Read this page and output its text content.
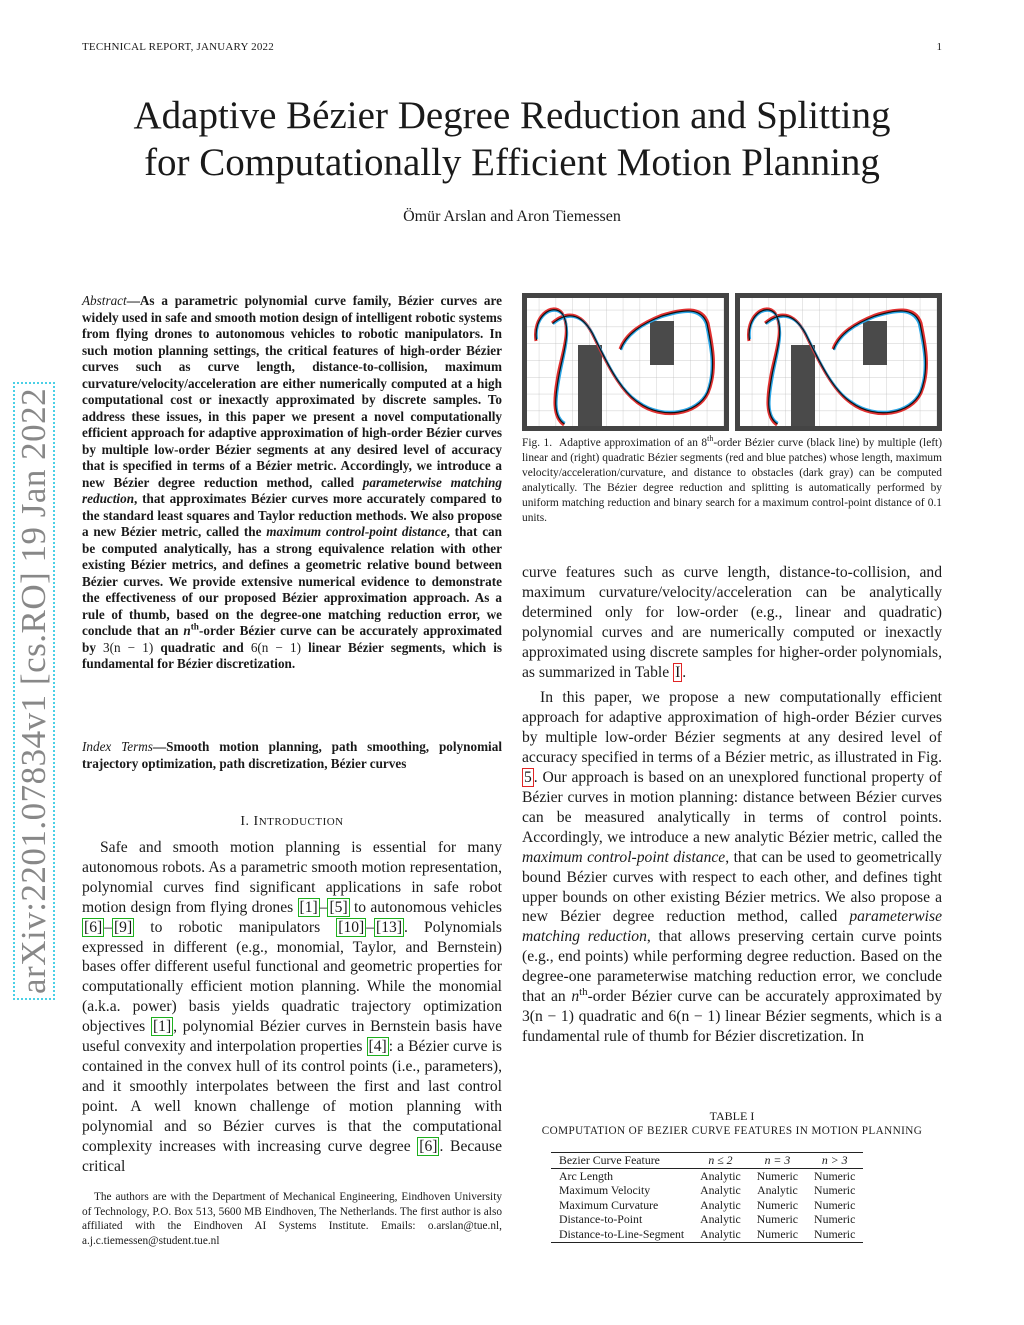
TECHNICAL REPORT, JANUARY 2022	1
Adaptive Bézier Degree Reduction and Splitting
for Computationally Efficient Motion Planning
Ömür Arslan and Aron Tiemessen
arXiv:2201.07834v1 [cs.RO] 19 Jan 2022
Abstract—As a parametric polynomial curve family, Bézier curves are widely used in safe and smooth motion design of intelligent robotic systems from flying drones to autonomous vehicles to robotic manipulators. In such motion planning settings, the critical features of high-order Bézier curves such as curve length, distance-to-collision, maximum curvature/velocity/acceleration are either numerically computed at a high computational cost or inexactly approximated by discrete samples. To address these issues, in this paper we present a novel computationally efficient approach for adaptive approximation of high-order Bézier curves by multiple low-order Bézier segments at any desired level of accuracy that is specified in terms of a Bézier metric. Accordingly, we introduce a new Bézier degree reduction method, called parameterwise matching reduction, that approximates Bézier curves more accurately compared to the standard least squares and Taylor reduction methods. We also propose a new Bézier metric, called the maximum control-point distance, that can be computed analytically, has a strong equivalence relation with other existing Bézier metrics, and defines a geometric relative bound between Bézier curves. We provide extensive numerical evidence to demonstrate the effectiveness of our proposed Bézier approximation approach. As a rule of thumb, based on the degree-one matching reduction error, we conclude that an $n^{th}$-order Bézier curve can be accurately approximated by 3(n − 1) quadratic and 6(n − 1) linear Bézier segments, which is fundamental for Bézier discretization.
Index Terms—Smooth motion planning, path smoothing, polynomial trajectory optimization, path discretization, Bézier curves
I. INTRODUCTION
Safe and smooth motion planning is essential for many autonomous robots. As a parametric smooth motion representation, polynomial curves find significant applications in safe robot motion design from flying drones [1] – [5] to autonomous vehicles [6] – [9] to robotic manipulators [10] – [13] . Polynomials expressed in different (e.g., monomial, Taylor, and Bernstein) bases offer different useful functional and geometric properties for computationally efficient motion planning. While the monomial (a.k.a. power) basis yields quadratic trajectory optimization objectives [1] , polynomial Bézier curves in Bernstein basis have useful convexity and interpolation properties [4] : a Bézier curve is contained in the convex hull of its control points (i.e., parameters), and it smoothly interpolates between the first and last control point. A well known challenge of motion planning with polynomial and so Bézier curves is that the computational complexity increases with increasing curve degree [6] . Because critical
The authors are with the Department of Mechanical Engineering, Eindhoven University of Technology, P.O. Box 513, 5600 MB Eindhoven, The Netherlands. The first author is also affiliated with the Eindhoven AI Systems Institute. Emails: o.arslan@tue.nl, a.j.c.tiemessen@student.tue.nl
Fig. 1. Adaptive approximation of an 8th-order Bézier curve (black line) by multiple (left) linear and (right) quadratic Bézier segments (red and blue patches) whose length, maximum velocity/acceleration/curvature, and distance to obstacles (dark gray) can be computed analytically. The Bézier degree reduction and splitting is automatically performed by uniform matching reduction and binary search for a maximum control-point distance of 0.1 units.

curve features such as curve length, distance-to-collision, and maximum curvature/velocity/acceleration can be analytically determined only for low-order (e.g., linear and quadratic) polynomial curves and are numerically computed or inexactly approximated using discrete samples for higher-order polynomials, as summarized in Table I .

In this paper, we propose a new computationally efficient approach for adaptive approximation of high-order Bézier curves by multiple low-order Bézier segments at any desired level of accuracy specified in terms of a Bézier metric, as illustrated in Fig. 5 . Our approach is based on an unexplored functional property of Bézier curves in motion planning: distance between Bézier curves can be measured analytically in terms of control points. Accordingly, we introduce a new analytic Bézier metric, called the maximum control-point distance, that can be used to geometrically bound Bézier curves with respect to each other, and defines tight upper bounds on other existing Bézier metrics. We also propose a new Bézier degree reduction method, called parameterwise matching reduction, that allows preserving certain curve points (e.g., end points) while performing degree reduction. Based on the degree-one parameterwise matching reduction error, we conclude that an $n^{th}$-order Bézier curve can be accurately approximated by 3(n − 1) quadratic and 6(n − 1) linear Bézier segments, which is a fundamental rule of thumb for Bézier discretization. In

TABLE I
COMPUTATION OF BEZIER CURVE FEATURES IN MOTION PLANNING
Bezier Curve Feature	n ≤ 2	n = 3	n > 3
Arc Length	Analytic	Numeric	Numeric
Maximum Velocity	Analytic	Analytic	Numeric
Maximum Curvature	Analytic	Numeric	Numeric
Distance-to-Point	Analytic	Numeric	Numeric
Distance-to-Line-Segment	Analytic	Numeric	Numeric
